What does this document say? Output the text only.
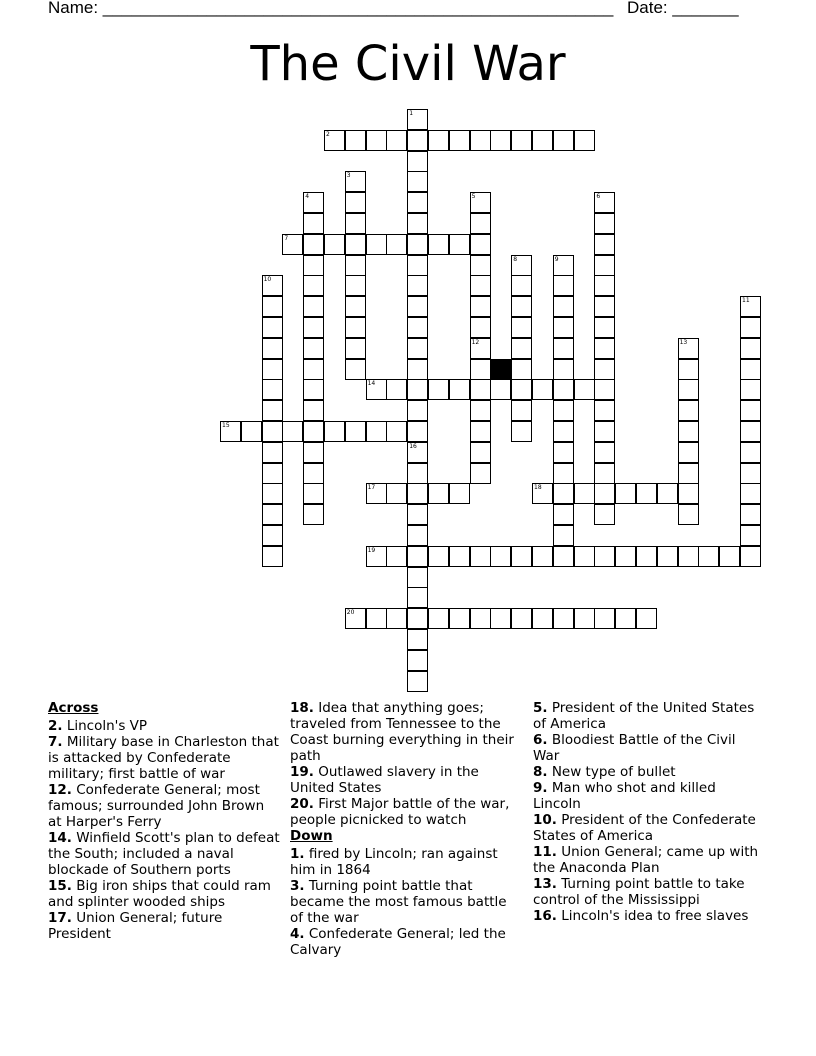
Name: ______________________________________________________ Date: _______
The Civil War
1
16
2
3
4	5
12
6
7
8	9
10
11
13
14
15
17	18
19
20
Across
2. Lincoln's VP
7. Military base in Charleston that is attacked by Confederate military; first battle of war
12. Confederate General; most famous; surrounded John Brown at Harper's Ferry
14. Winfield Scott's plan to defeat the South; included a naval blockade of Southern ports
15. Big iron ships that could ram and splinter wooded ships
17. Union General; future President
18. Idea that anything goes; traveled from Tennessee to the Coast burning everything in their path
19. Outlawed slavery in the United States
20. First Major battle of the war, people picnicked to watch
Down
1. fired by Lincoln; ran against him in 1864
3. Turning point battle that became the most famous battle of the war
4. Confederate General; led the Calvary
5. President of the United States of America
6. Bloodiest Battle of the Civil War
8. New type of bullet
9. Man who shot and killed Lincoln
10. President of the Confederate States of America
11. Union General; came up with the Anaconda Plan
13. Turning point battle to take control of the Mississippi
16. Lincoln's idea to free slaves
